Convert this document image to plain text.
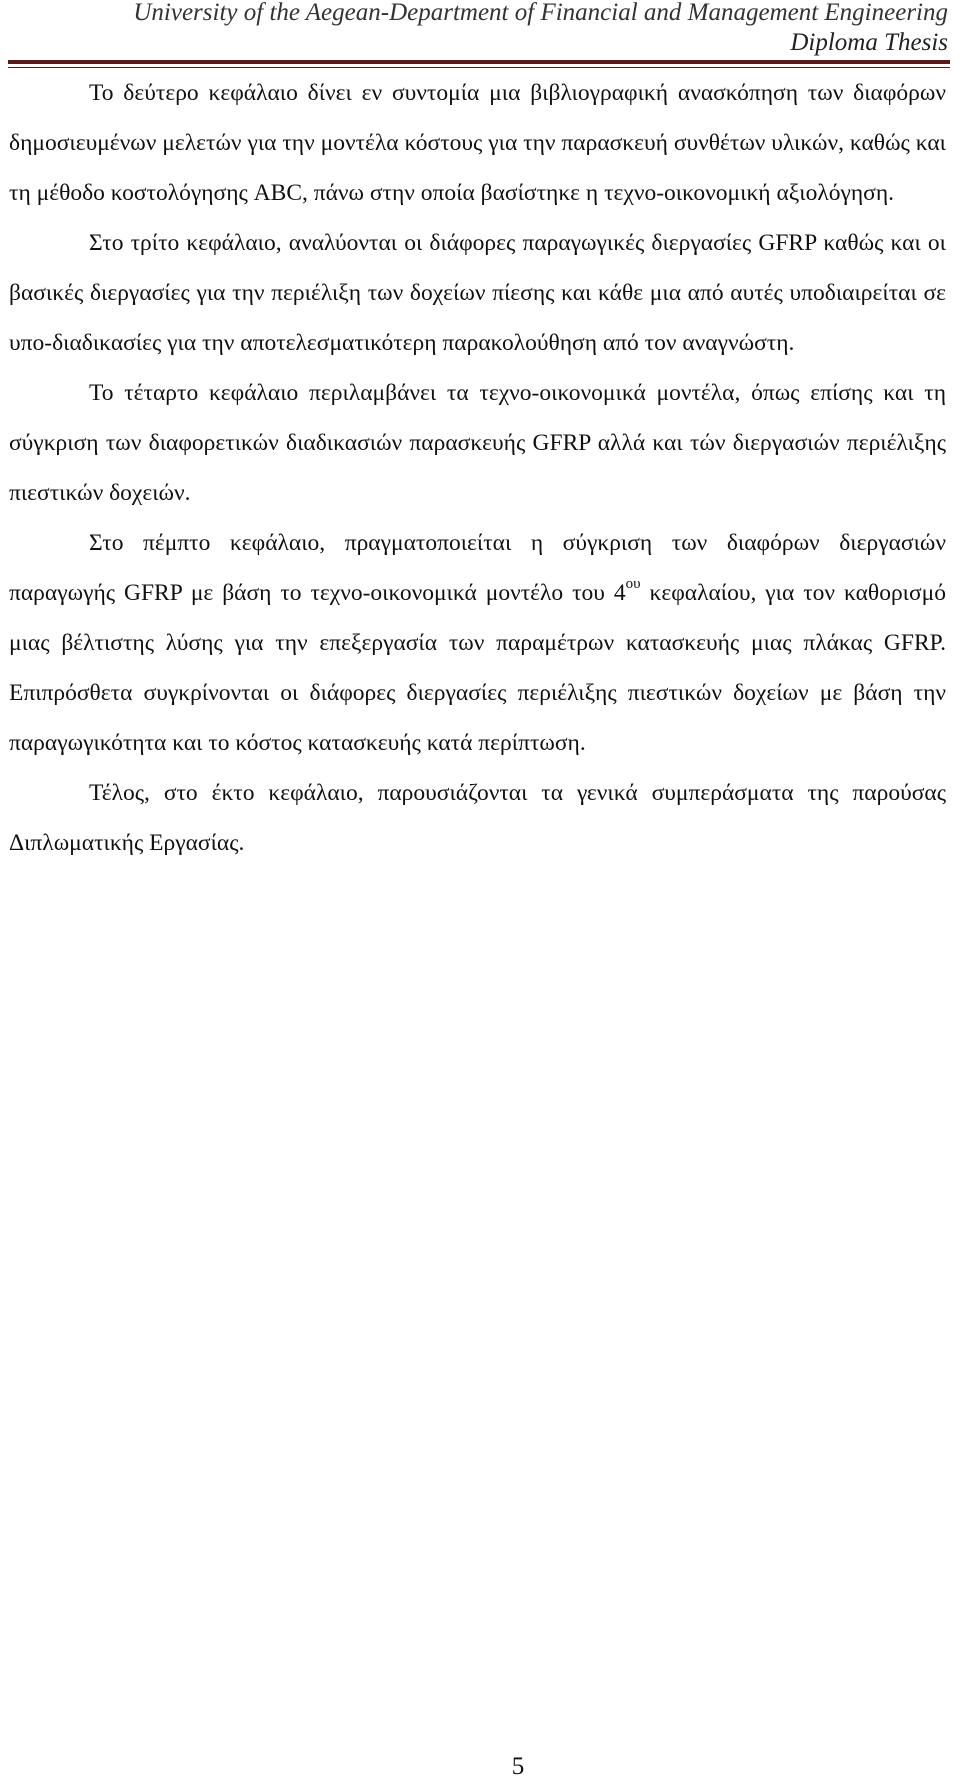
University of the Aegean-Department of Financial and Management Engineering
Diploma Thesis

Το δεύτερο κεφάλαιο δίνει εν συντομία μια βιβλιογραφική ανασκόπηση των διαφόρων δημοσιευμένων μελετών για την μοντέλα κόστους για την παρασκευή συνθέτων υλικών, καθώς και τη μέθοδο κοστολόγησης ABC, πάνω στην οποία βασίστηκε η τεχνο-οικονομική αξιολόγηση.

Στο τρίτο κεφάλαιο, αναλύονται οι διάφορες παραγωγικές διεργασίες GFRP καθώς και οι βασικές διεργασίες για την περιέλιξη των δοχείων πίεσης και κάθε μια από αυτές υποδιαιρείται σε υπο-διαδικασίες για την αποτελεσματικότερη παρακολούθηση από τον αναγνώστη.

Το τέταρτο κεφάλαιο περιλαμβάνει τα τεχνο-οικονομικά μοντέλα, όπως επίσης και τη σύγκριση των διαφορετικών διαδικασιών παρασκευής GFRP αλλά και τών διεργασιών περιέλιξης πιεστικών δοχειών.

Στο πέμπτο κεφάλαιο, πραγματοποιείται η σύγκριση των διαφόρων διεργασιών παραγωγής GFRP με βάση το τεχνο-οικονομικά μοντέλο του $4^{o\upsilon}$ κεφαλαίου, για τον καθορισμό μιας βέλτιστης λύσης για την επεξεργασία των παραμέτρων κατασκευής μιας πλάκας GFRP. Επιπρόσθετα συγκρίνονται οι διάφορες διεργασίες περιέλιξης πιεστικών δοχείων με βάση την παραγωγικότητα και το κόστος κατασκευής κατά περίπτωση.

Τέλος, στο έκτο κεφάλαιο, παρουσιάζονται τα γενικά συμπεράσματα της παρούσας Διπλωματικής Εργασίας.

5
